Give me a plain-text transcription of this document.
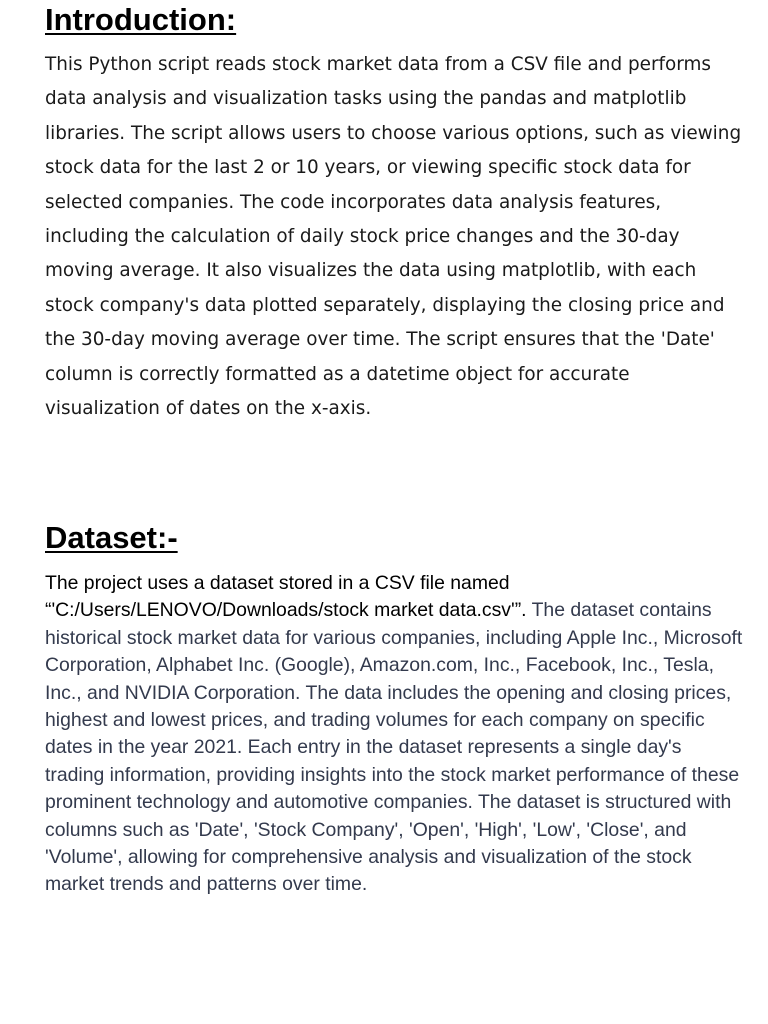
Introduction:

This Python script reads stock market data from a CSV file and performs data analysis and visualization tasks using the pandas and matplotlib libraries. The script allows users to choose various options, such as viewing stock data for the last 2 or 10 years, or viewing specific stock data for selected companies. The code incorporates data analysis features, including the calculation of daily stock price changes and the 30-day moving average. It also visualizes the data using matplotlib, with each stock company's data plotted separately, displaying the closing price and the 30-day moving average over time. The script ensures that the 'Date' column is correctly formatted as a datetime object for accurate visualization of dates on the x-axis.

Dataset:-

The project uses a dataset stored in a CSV file named “'C:/Users/LENOVO/Downloads/stock market data.csv'”. The dataset contains historical stock market data for various companies, including Apple Inc., Microsoft Corporation, Alphabet Inc. (Google), Amazon.com, Inc., Facebook, Inc., Tesla, Inc., and NVIDIA Corporation. The data includes the opening and closing prices, highest and lowest prices, and trading volumes for each company on specific dates in the year 2021. Each entry in the dataset represents a single day's trading information, providing insights into the stock market performance of these prominent technology and automotive companies. The dataset is structured with columns such as 'Date', 'Stock Company', 'Open', 'High', 'Low', 'Close', and 'Volume', allowing for comprehensive analysis and visualization of the stock market trends and patterns over time.
